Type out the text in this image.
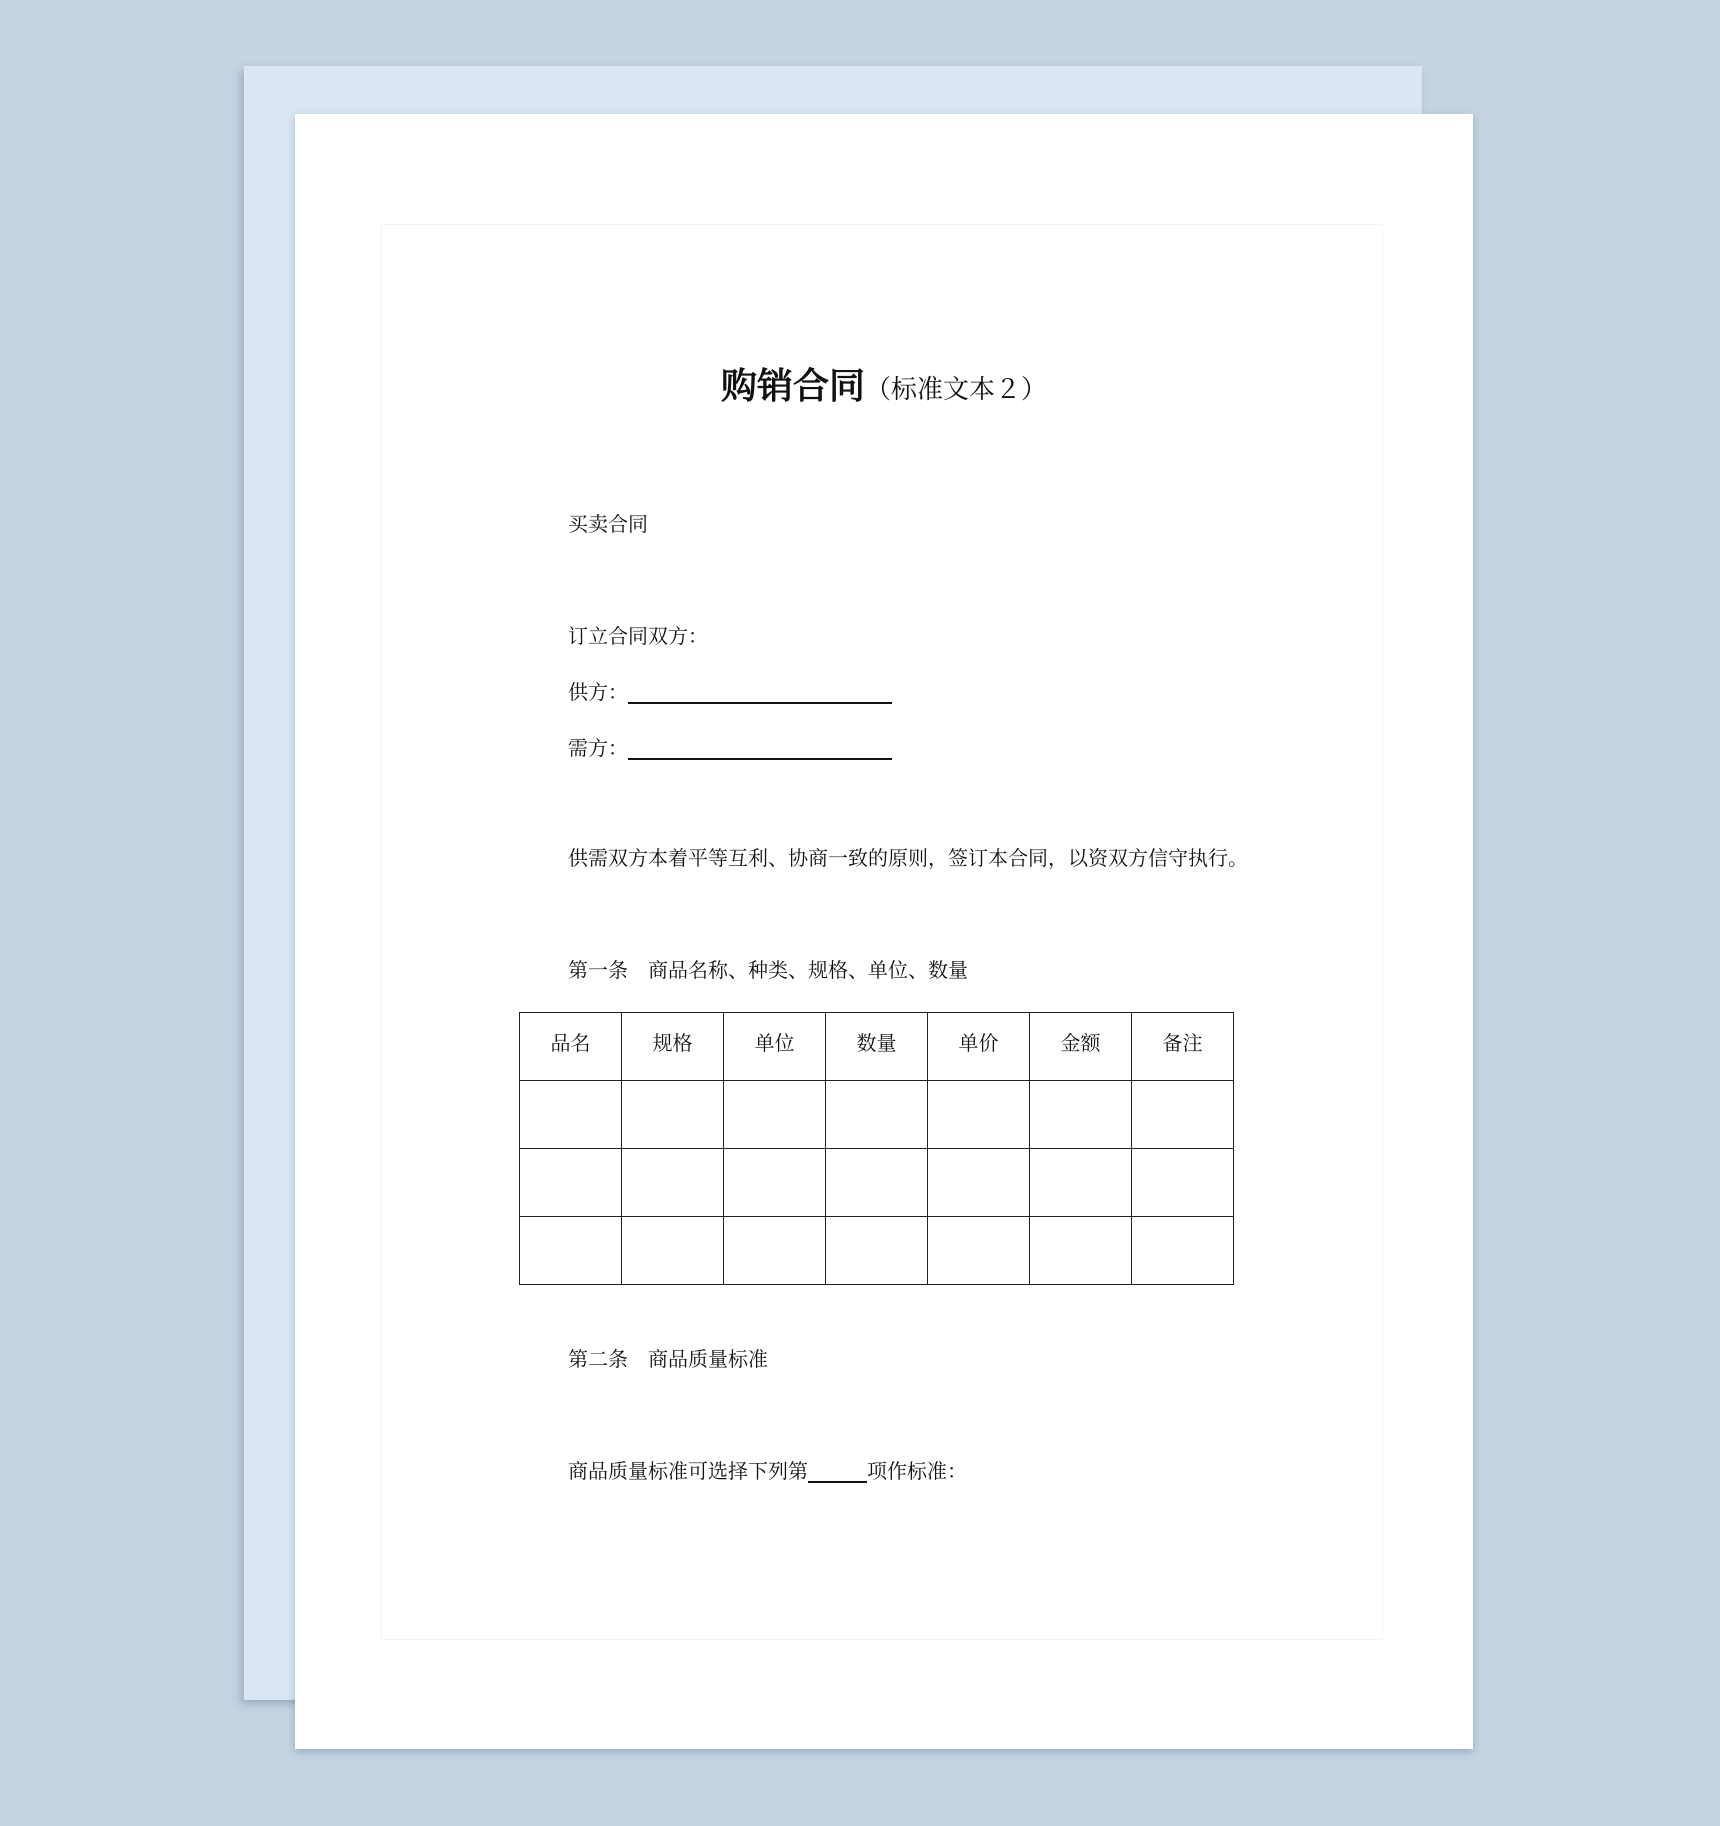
购销合同（标准文本２）
买卖合同
订立合同双方：
供方：
需方：
供需双方本着平等互利、协商一致的原则，签订本合同，以资双方信守执行。
第一条　商品名称、种类、规格、单位、数量
品名	规格	单位	数量	单价	金额	备注

第二条　商品质量标准
商品质量标准可选择下列第	项作标准：
